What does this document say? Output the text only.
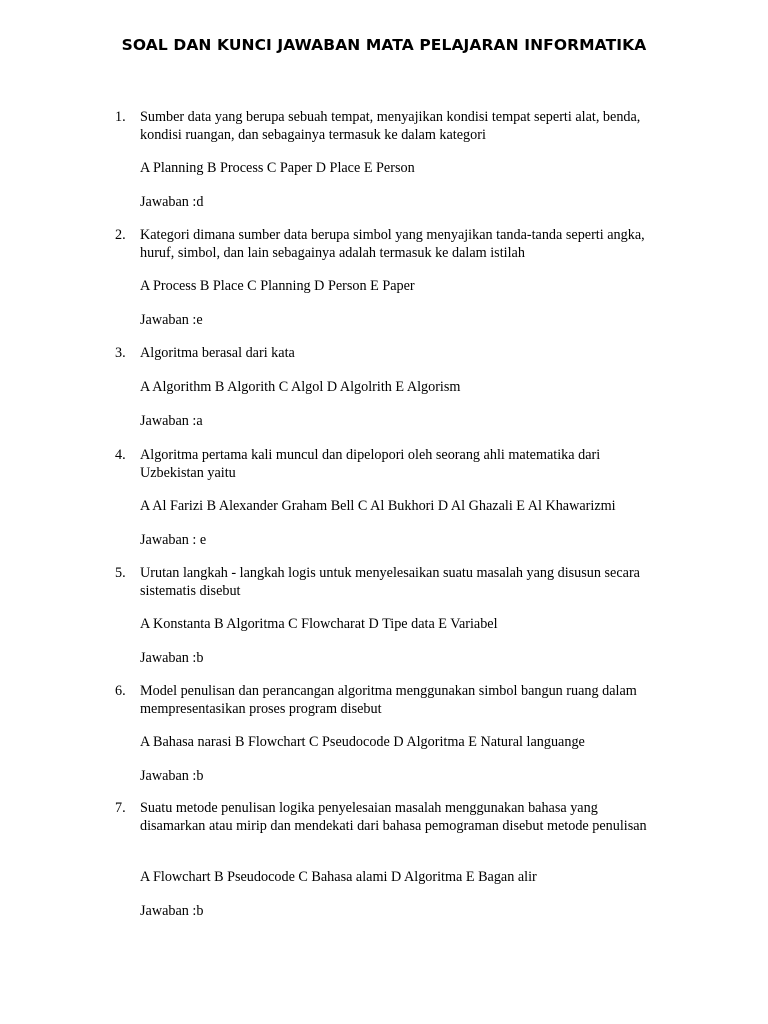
SOAL DAN KUNCI JAWABAN MATA PELAJARAN INFORMATIKA
1. Sumber data yang berupa sebuah tempat, menyajikan kondisi tempat seperti alat, benda, kondisi ruangan, dan sebagainya termasuk ke dalam kategori

A Planning B Process C Paper D Place E Person

Jawaban :d

2. Kategori dimana sumber data berupa simbol yang menyajikan tanda-tanda seperti angka, huruf, simbol, dan lain sebagainya adalah termasuk ke dalam istilah

A Process B Place C Planning D Person E Paper

Jawaban :e

3. Algoritma berasal dari kata

A Algorithm B Algorith C Algol D Algolrith E Algorism

Jawaban :a

4. Algoritma pertama kali muncul dan dipelopori oleh seorang ahli matematika dari Uzbekistan yaitu

A Al Farizi B Alexander Graham Bell C Al Bukhori D Al Ghazali E Al Khawarizmi

Jawaban : e

5. Urutan langkah - langkah logis untuk menyelesaikan suatu masalah yang disusun secara sistematis disebut

A Konstanta B Algoritma C Flowcharat D Tipe data E Variabel

Jawaban :b

6. Model penulisan dan perancangan algoritma menggunakan simbol bangun ruang dalam mempresentasikan proses program disebut

A Bahasa narasi B Flowchart C Pseudocode D Algoritma E Natural languange

Jawaban :b

7. Suatu metode penulisan logika penyelesaian masalah menggunakan bahasa yang disamarkan atau mirip dan mendekati dari bahasa pemograman disebut metode penulisan

A Flowchart B Pseudocode C Bahasa alami D Algoritma E Bagan alir

Jawaban :b
